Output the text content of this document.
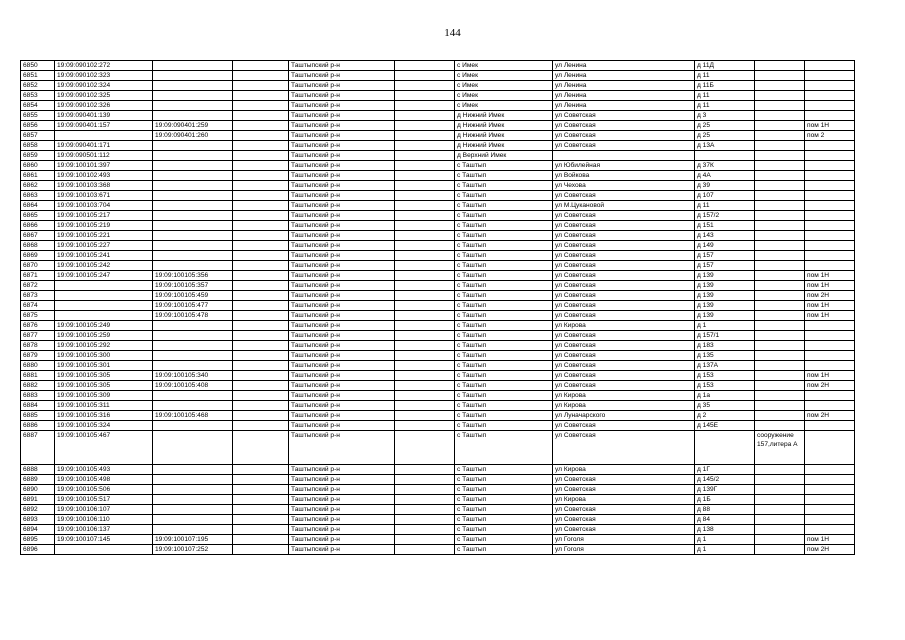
144
6850	19:09:090102:272			Таштыпский р-н		с Имек	ул Ленина	д 11Д		
6851	19:09:090102:323			Таштыпский р-н		с Имек	ул Ленина	д 11		
6852	19:09:090102:324			Таштыпский р-н		с Имек	ул Ленина	д 11Б		
6853	19:09:090102:325			Таштыпский р-н		с Имек	ул Ленина	д 11		
6854	19:09:090102:326			Таштыпский р-н		с Имек	ул Ленина	д 11		
6855	19:09:090401:139			Таштыпский р-н		д Нижний Имек	ул Советская	д 3		
6856	19:09:090401:157	19:09:090401:259		Таштыпский р-н		д Нижний Имек	ул Советская	д 25		пом 1Н
6857		19:09:090401:260		Таштыпский р-н		д Нижний Имек	ул Советская	д 25		пом 2
6858	19:09:090401:171			Таштыпский р-н		д Нижний Имек	ул Советская	д 13А		
6859	19:09:090501:112			Таштыпский р-н		д Верхний Имек				
6860	19:09:100101:397			Таштыпский р-н		с Таштып	ул Юбилейная	д 37К		
6861	19:09:100102:493			Таштыпский р-н		с Таштып	ул Войкова	д 4А		
6862	19:09:100103:368			Таштыпский р-н		с Таштып	ул Чехова	д 39		
6863	19:09:100103:671			Таштыпский р-н		с Таштып	ул Советская	д 107		
6864	19:09:100103:704			Таштыпский р-н		с Таштып	ул М.Цукановой	д 11		
6865	19:09:100105:217			Таштыпский р-н		с Таштып	ул Советская	д 157/2		
6866	19:09:100105:219			Таштыпский р-н		с Таштып	ул Советская	д 151		
6867	19:09:100105:221			Таштыпский р-н		с Таштып	ул Советская	д 143		
6868	19:09:100105:227			Таштыпский р-н		с Таштып	ул Советская	д 149		
6869	19:09:100105:241			Таштыпский р-н		с Таштып	ул Советская	д 157		
6870	19:09:100105:242			Таштыпский р-н		с Таштып	ул Советская	д 157		
6871	19:09:100105:247	19:09:100105:356		Таштыпский р-н		с Таштып	ул Советская	д 139		пом 1Н
6872		19:09:100105:357		Таштыпский р-н		с Таштып	ул Советская	д 139		пом 1Н
6873		19:09:100105:459		Таштыпский р-н		с Таштып	ул Советская	д 139		пом 2Н
6874		19:09:100105:477		Таштыпский р-н		с Таштып	ул Советская	д 139		пом 1Н
6875		19:09:100105:478		Таштыпский р-н		с Таштып	ул Советская	д 139		пом 1Н
6876	19:09:100105:249			Таштыпский р-н		с Таштып	ул Кирова	д 1		
6877	19:09:100105:259			Таштыпский р-н		с Таштып	ул Советская	д 157/1		
6878	19:09:100105:292			Таштыпский р-н		с Таштып	ул Советская	д 183		
6879	19:09:100105:300			Таштыпский р-н		с Таштып	ул Советская	д 135		
6880	19:09:100105:301			Таштыпский р-н		с Таштып	ул Советская	д 137А		
6881	19:09:100105:305	19:09:100105:340		Таштыпский р-н		с Таштып	ул Советская	д 153		пом 1Н
6882	19:09:100105:305	19:09:100105:408		Таштыпский р-н		с Таштып	ул Советская	д 153		пом 2Н
6883	19:09:100105:309			Таштыпский р-н		с Таштып	ул Кирова	д 1а		
6884	19:09:100105:311			Таштыпский р-н		с Таштып	ул Кирова	д 35		
6885	19:09:100105:316	19:09:100105:468		Таштыпский р-н		с Таштып	ул Луначарского	д 2		пом 2Н
6886	19:09:100105:324			Таштыпский р-н		с Таштып	ул Советская	д 145Е		
6887	19:09:100105:467			Таштыпский р-н		с Таштып	ул Советская		сооружение 157,литера А	
6888	19:09:100105:493			Таштыпский р-н		с Таштып	ул Кирова	д 1Г		
6889	19:09:100105:498			Таштыпский р-н		с Таштып	ул Советская	д 145/2		
6890	19:09:100105:506			Таштыпский р-н		с Таштып	ул Советская	д 139Г		
6891	19:09:100105:517			Таштыпский р-н		с Таштып	ул Кирова	д 1Б		
6892	19:09:100106:107			Таштыпский р-н		с Таштып	ул Советская	д 88		
6893	19:09:100106:110			Таштыпский р-н		с Таштып	ул Советская	д 84		
6894	19:09:100106:137			Таштыпский р-н		с Таштып	ул Советская	д 138		
6895	19:09:100107:145	19:09:100107:195		Таштыпский р-н		с Таштып	ул Гоголя	д 1		пом 1Н
6896		19:09:100107:252		Таштыпский р-н		с Таштып	ул Гоголя	д 1		пом 2Н
